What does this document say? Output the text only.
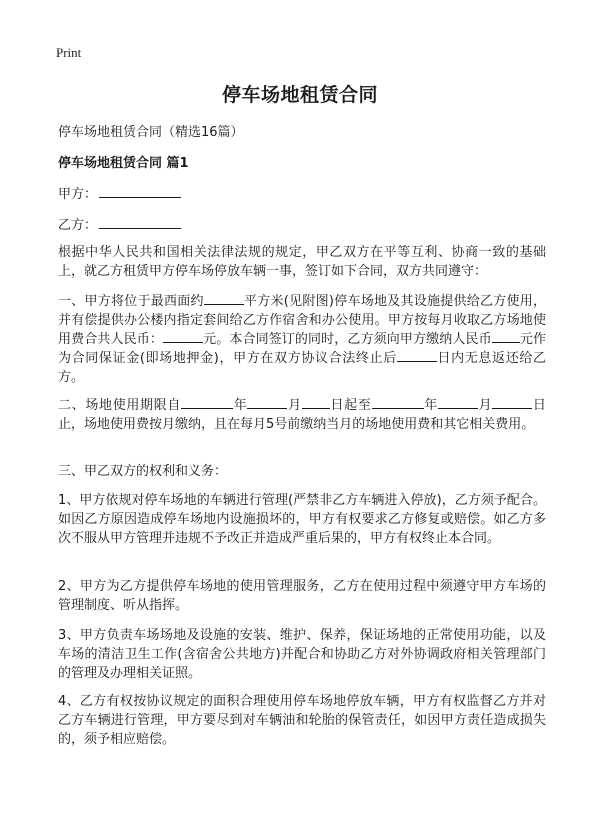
Print
停车场地租赁合同
停车场地租赁合同（精选16篇）
停车场地租赁合同 篇1
甲方：
乙方：

根据中华人民共和国相关法律法规的规定，甲乙双方在平等互利、协商一致的基础上，就乙方租赁甲方停车场停放车辆一事，签订如下合同，双方共同遵守：

一、甲方将位于最西面约	平方米(见附图)停车场地及其设施提供给乙方使用，并有偿提供办公楼内指定套间给乙方作宿舍和办公使用。甲方按每月收取乙方场地使用费合共人民币：	元。本合同签订的同时，乙方须向甲方缴纳人民币 元作为合同保证金(即场地押金)，甲方在双方协议合法终止后	日内无息返还给乙方。

二、场地使用期限自	年	月 日起至	年	月	日止，场地使用费按月缴纳，且在每月5号前缴纳当月的场地使用费和其它相关费用。

三、甲乙双方的权利和义务：

1、甲方依规对停车场地的车辆进行管理(严禁非乙方车辆进入停放)，乙方须予配合。如因乙方原因造成停车场地内设施损坏的，甲方有权要求乙方修复或赔偿。如乙方多次不服从甲方管理并违规不予改正并造成严重后果的，甲方有权终止本合同。

2、甲方为乙方提供停车场地的使用管理服务，乙方在使用过程中须遵守甲方车场的管理制度、听从指挥。

3、甲方负责车场场地及设施的安装、维护、保养，保证场地的正常使用功能，以及车场的清洁卫生工作(含宿舍公共地方)并配合和协助乙方对外协调政府相关管理部门的管理及办理相关证照。

4、乙方有权按协议规定的面积合理使用停车场地停放车辆，甲方有权监督乙方并对乙方车辆进行管理，甲方要尽到对车辆油和轮胎的保管责任，如因甲方责任造成损失的，须予相应赔偿。
